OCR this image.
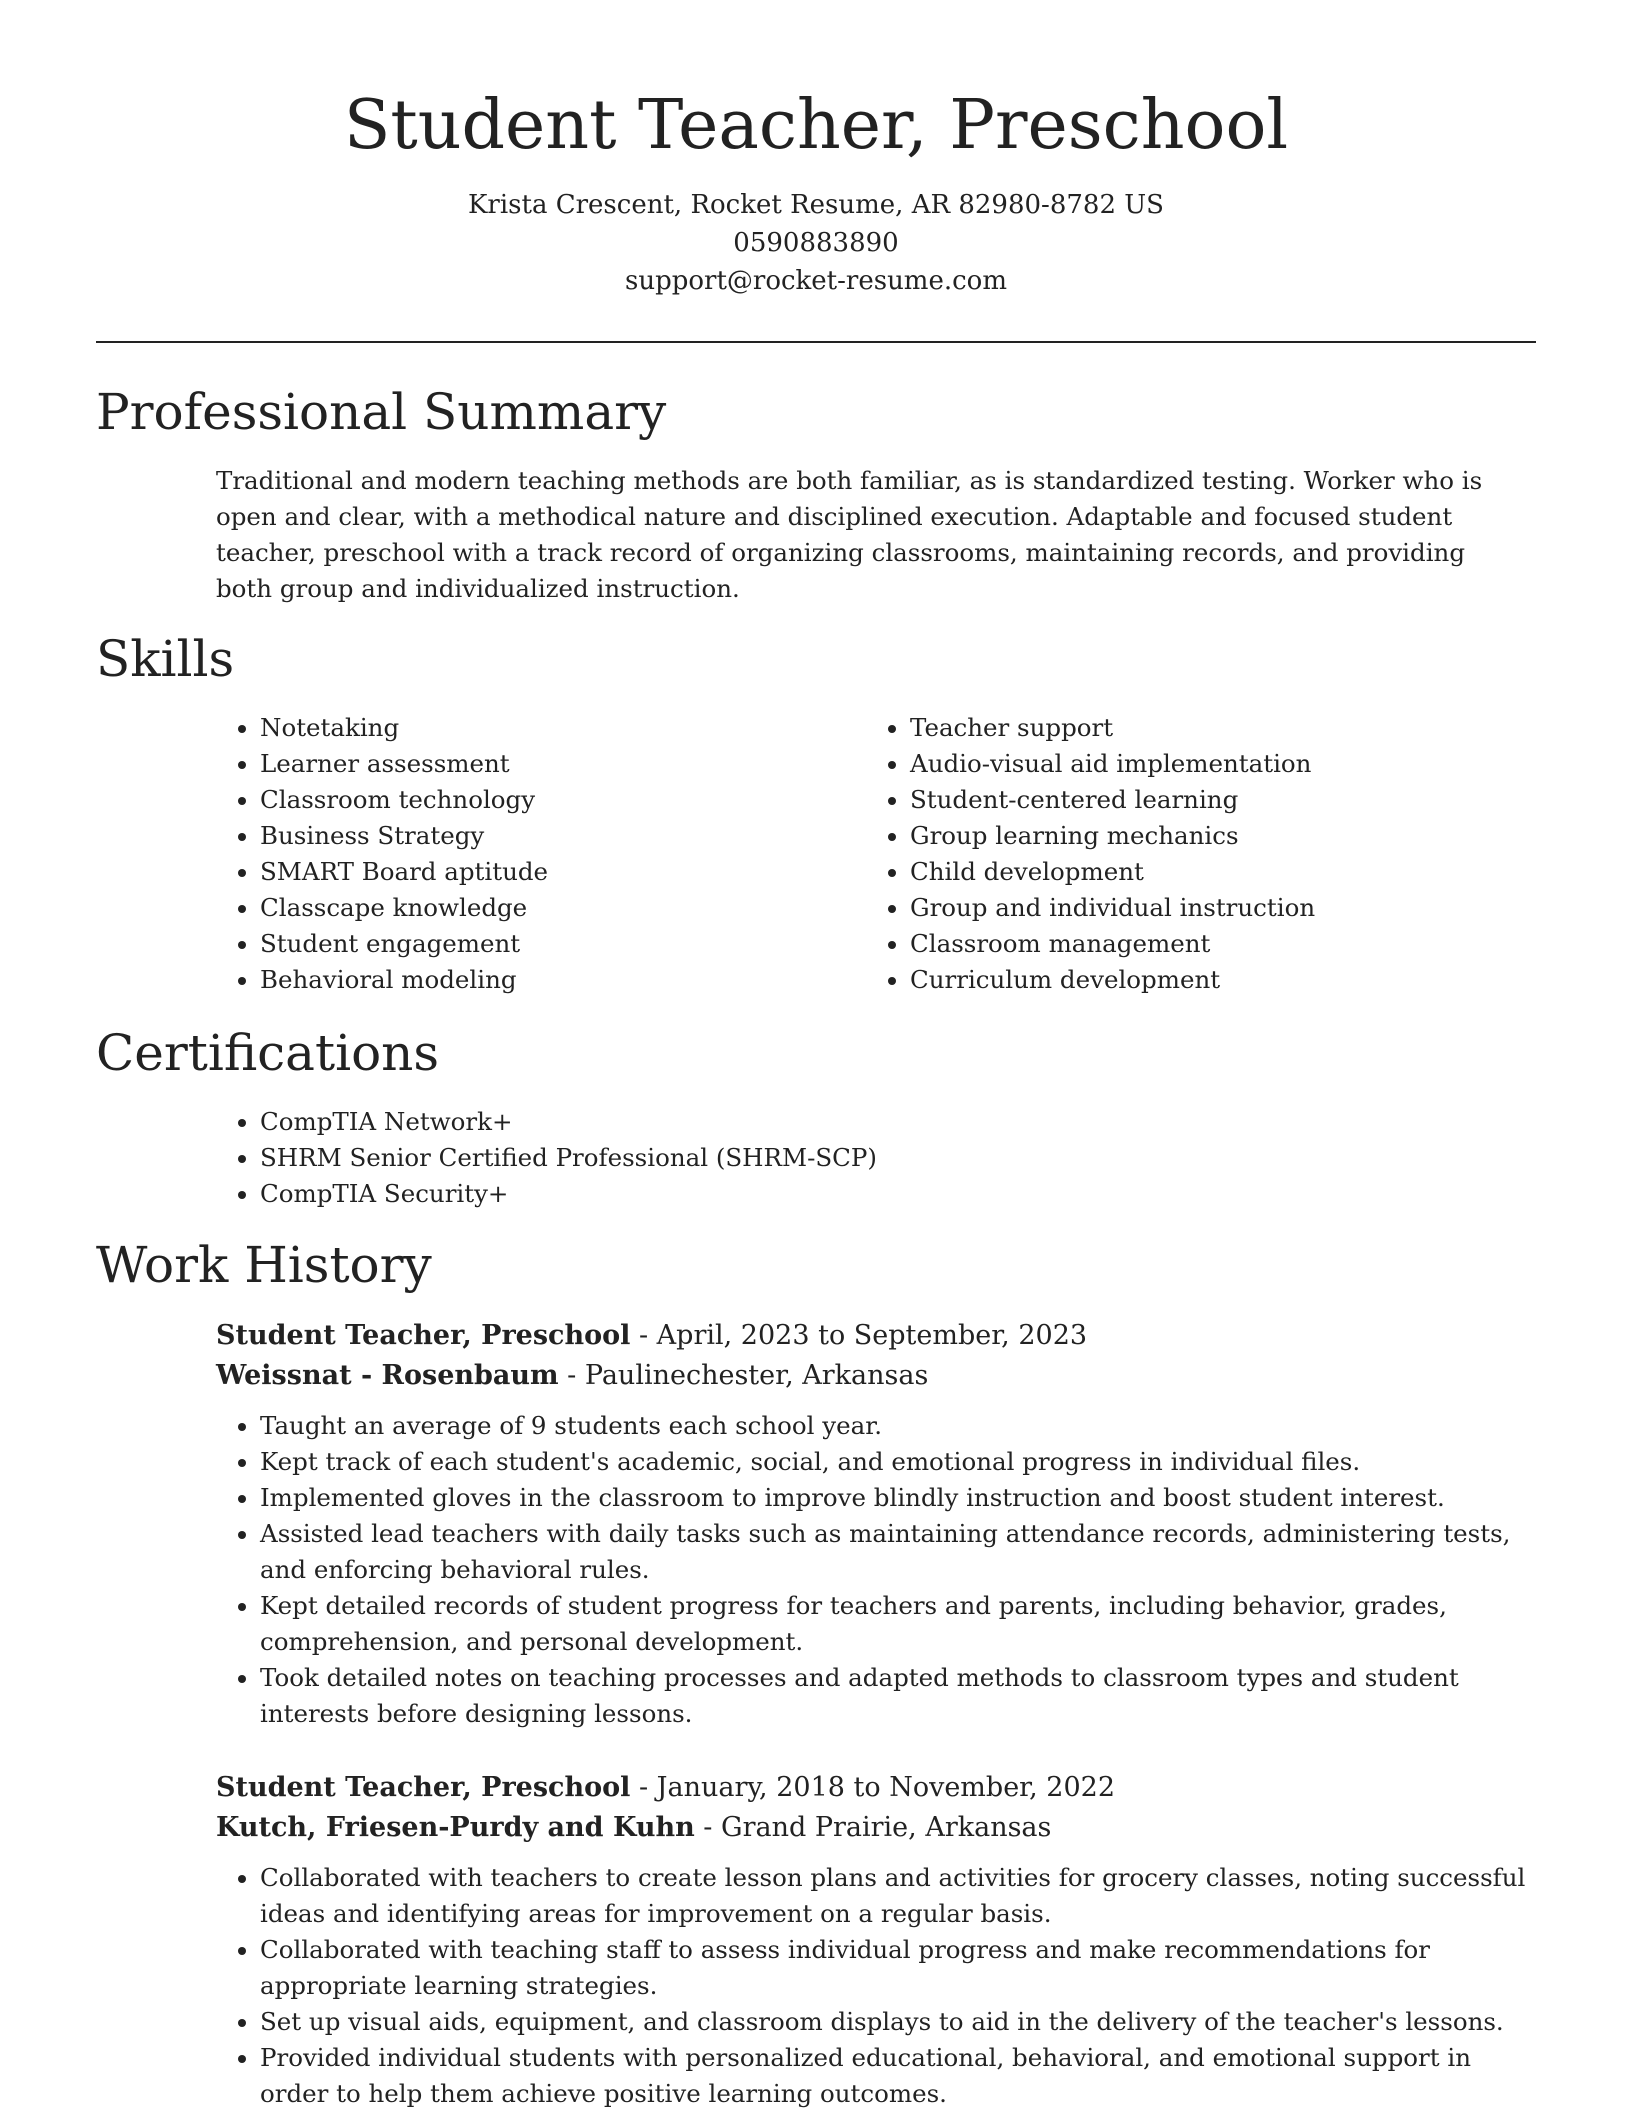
Student Teacher, Preschool
Krista Crescent, Rocket Resume, AR 82980-8782 US
0590883890
support@rocket-resume.com
Professional Summary

Traditional and modern teaching methods are both familiar, as is standardized testing. Worker who is open and clear, with a methodical nature and disciplined execution. Adaptable and focused student teacher, preschool with a track record of organizing classrooms, maintaining records, and providing both group and individualized instruction.

Skills
• Notetaking
• Learner assessment
• Classroom technology
• Business Strategy
• SMART Board aptitude
• Classcape knowledge
• Student engagement
• Behavioral modeling
• Teacher support
• Audio-visual aid implementation
• Student-centered learning
• Group learning mechanics
• Child development
• Group and individual instruction
• Classroom management
• Curriculum development
Certifications
• CompTIA Network+
• SHRM Senior Certified Professional (SHRM-SCP)
• CompTIA Security+
Work History
Student Teacher, Preschool - April, 2023 to September, 2023
Weissnat - Rosenbaum - Paulinechester, Arkansas
• Taught an average of 9 students each school year.
• Kept track of each student's academic, social, and emotional progress in individual files.
• Implemented gloves in the classroom to improve blindly instruction and boost student interest.
• Assisted lead teachers with daily tasks such as maintaining attendance records, administering tests, and enforcing behavioral rules.
• Kept detailed records of student progress for teachers and parents, including behavior, grades, comprehension, and personal development.
• Took detailed notes on teaching processes and adapted methods to classroom types and student interests before designing lessons.
Student Teacher, Preschool - January, 2018 to November, 2022
Kutch, Friesen-Purdy and Kuhn - Grand Prairie, Arkansas
• Collaborated with teachers to create lesson plans and activities for grocery classes, noting successful ideas and identifying areas for improvement on a regular basis.
• Collaborated with teaching staff to assess individual progress and make recommendations for appropriate learning strategies.
• Set up visual aids, equipment, and classroom displays to aid in the delivery of the teacher's lessons.
• Provided individual students with personalized educational, behavioral, and emotional support in order to help them achieve positive learning outcomes.
